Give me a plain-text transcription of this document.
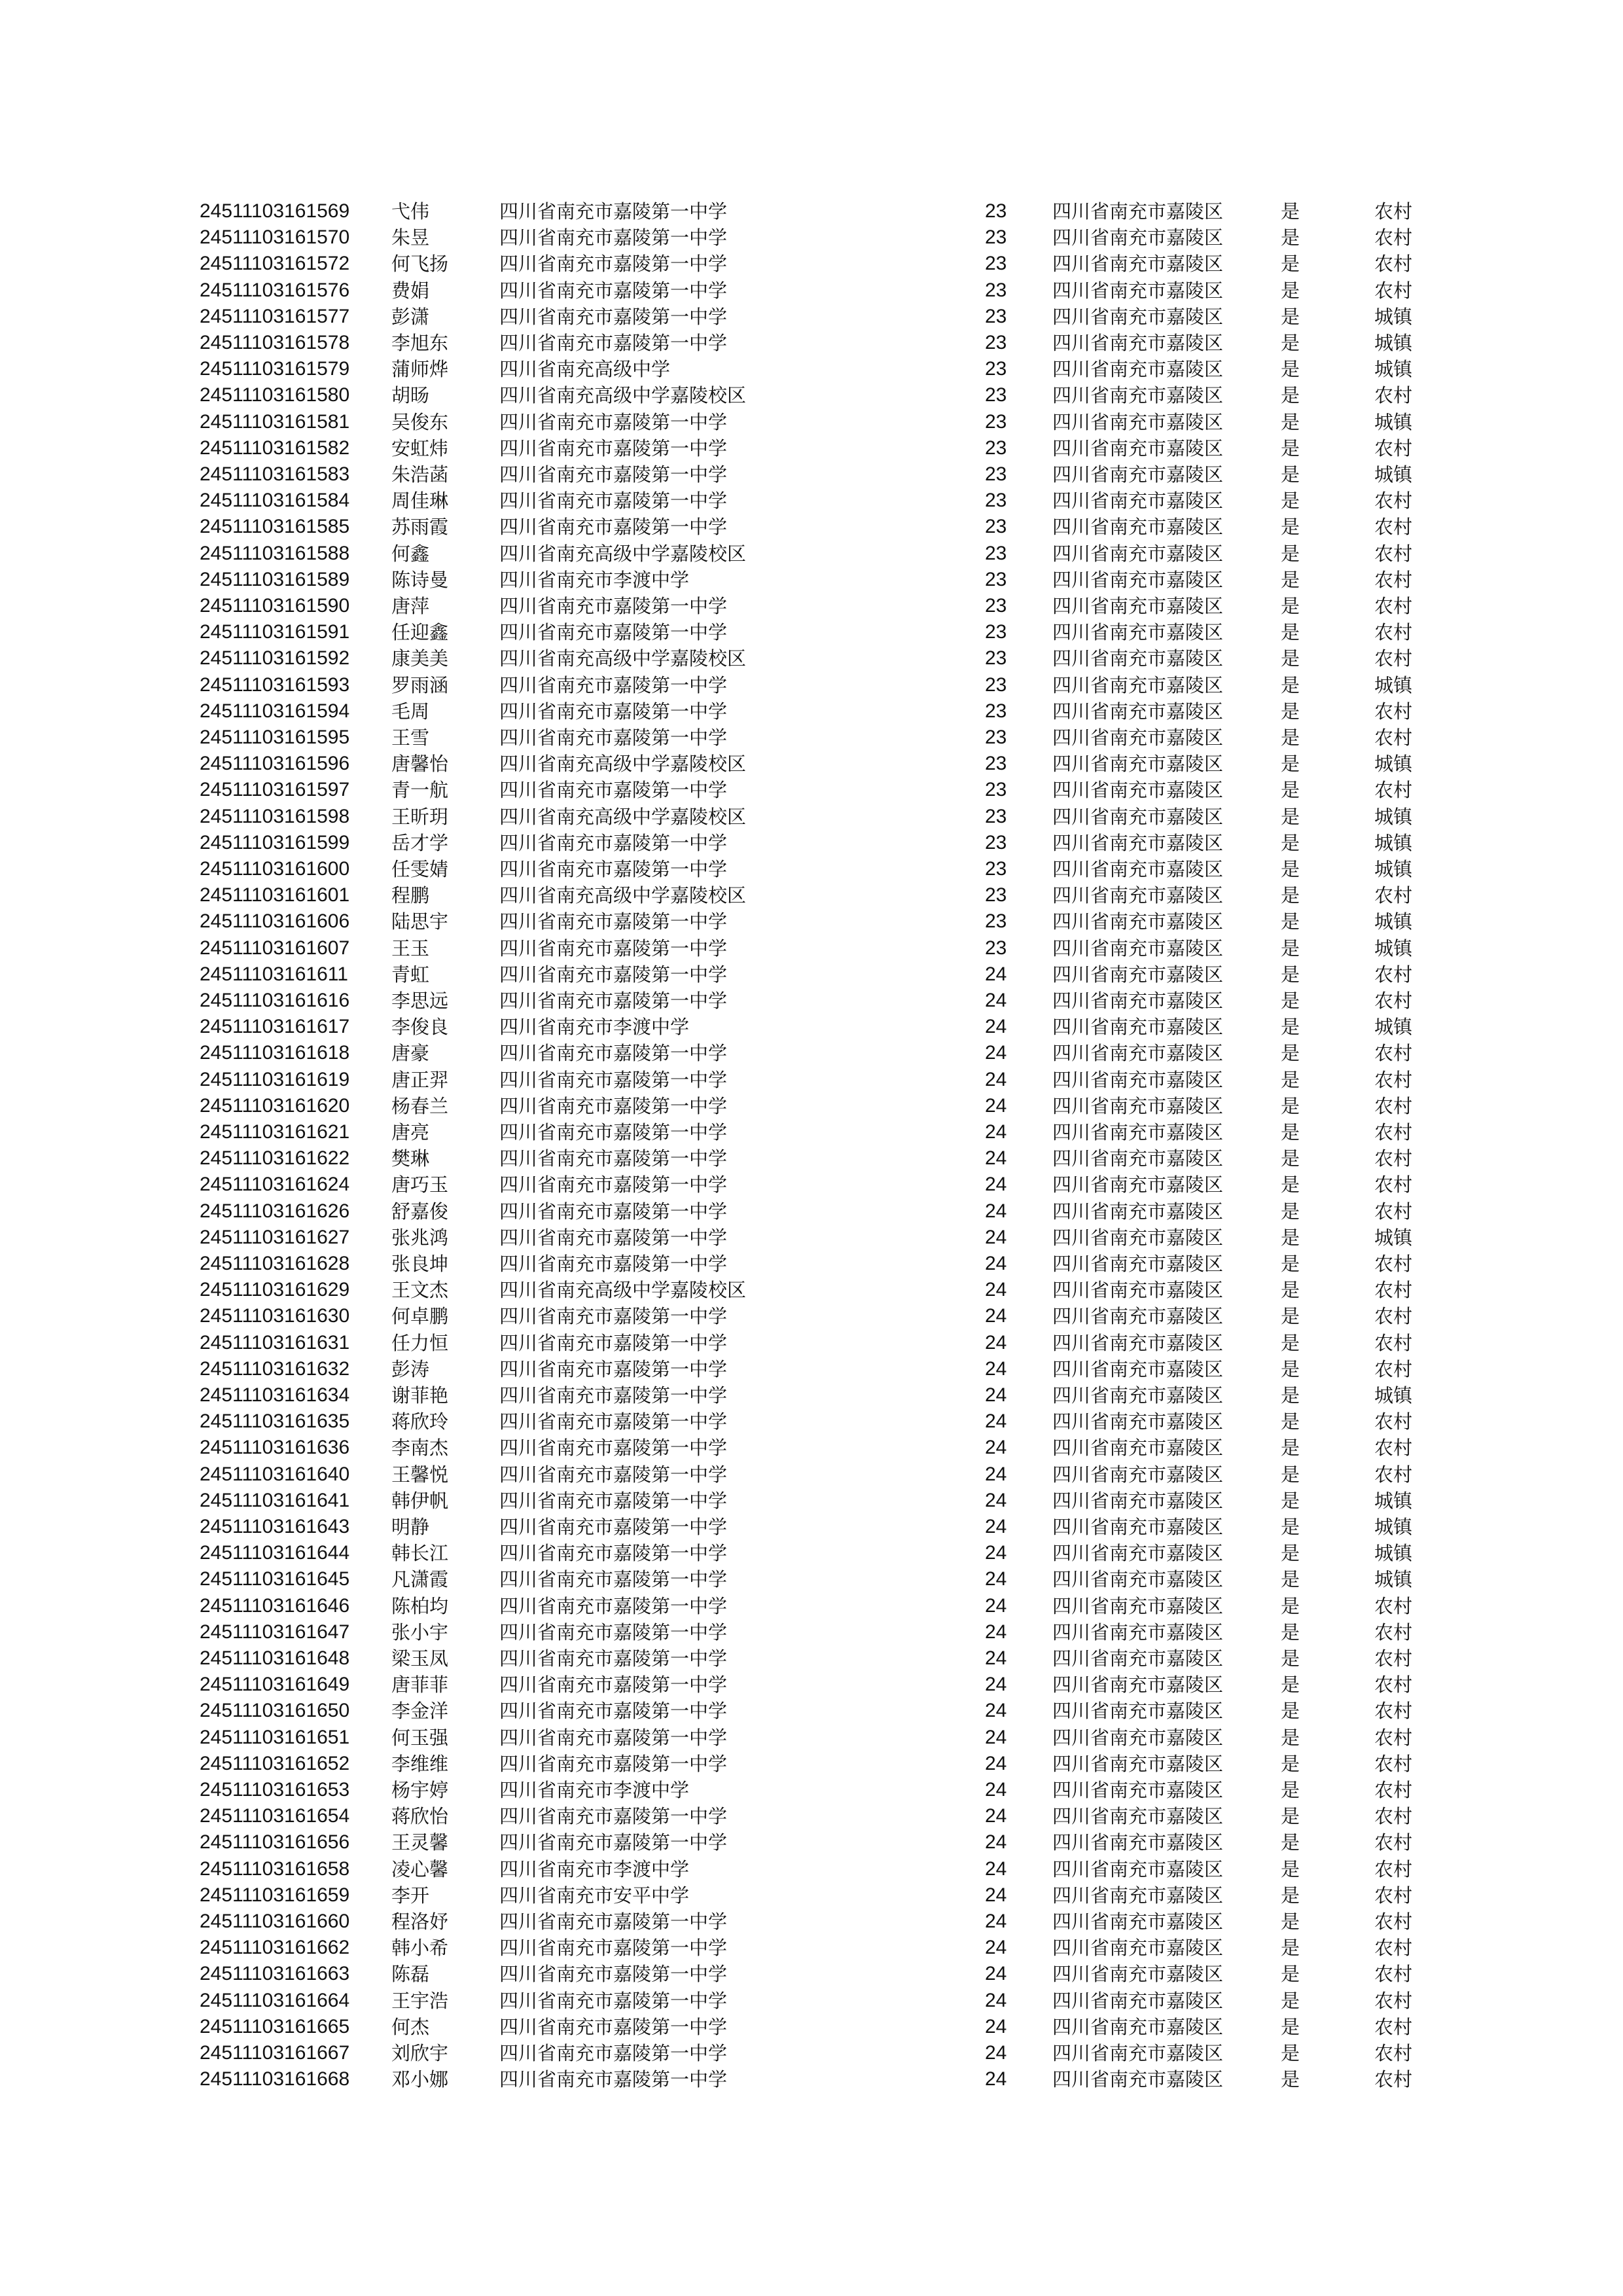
24511103161569 弋伟	四川省南充市嘉陵第一中学	23 四川省南充市嘉陵区	是	农村
24511103161570 朱昱	四川省南充市嘉陵第一中学	23 四川省南充市嘉陵区	是	农村
24511103161572 何飞扬	四川省南充市嘉陵第一中学	23 四川省南充市嘉陵区	是	农村
24511103161576 费娟	四川省南充市嘉陵第一中学	23 四川省南充市嘉陵区	是	农村
24511103161577 彭潇	四川省南充市嘉陵第一中学	23 四川省南充市嘉陵区	是	城镇
24511103161578 李旭东	四川省南充市嘉陵第一中学	23 四川省南充市嘉陵区	是	城镇
24511103161579 蒲师烨	四川省南充高级中学	23 四川省南充市嘉陵区	是	城镇
24511103161580 胡旸	四川省南充高级中学嘉陵校区	23 四川省南充市嘉陵区	是	农村
24511103161581 吴俊东	四川省南充市嘉陵第一中学	23 四川省南充市嘉陵区	是	城镇
24511103161582 安虹炜	四川省南充市嘉陵第一中学	23 四川省南充市嘉陵区	是	农村
24511103161583 朱浩菡	四川省南充市嘉陵第一中学	23 四川省南充市嘉陵区	是	城镇
24511103161584 周佳琳	四川省南充市嘉陵第一中学	23 四川省南充市嘉陵区	是	农村
24511103161585 苏雨霞	四川省南充市嘉陵第一中学	23 四川省南充市嘉陵区	是	农村
24511103161588 何鑫	四川省南充高级中学嘉陵校区	23 四川省南充市嘉陵区	是	农村
24511103161589 陈诗曼	四川省南充市李渡中学	23 四川省南充市嘉陵区	是	农村
24511103161590 唐萍	四川省南充市嘉陵第一中学	23 四川省南充市嘉陵区	是	农村
24511103161591 任迎鑫	四川省南充市嘉陵第一中学	23 四川省南充市嘉陵区	是	农村
24511103161592 康美美	四川省南充高级中学嘉陵校区	23 四川省南充市嘉陵区	是	农村
24511103161593 罗雨涵	四川省南充市嘉陵第一中学	23 四川省南充市嘉陵区	是	城镇
24511103161594 毛周	四川省南充市嘉陵第一中学	23 四川省南充市嘉陵区	是	农村
24511103161595 王雪	四川省南充市嘉陵第一中学	23 四川省南充市嘉陵区	是	农村
24511103161596 唐馨怡	四川省南充高级中学嘉陵校区	23 四川省南充市嘉陵区	是	城镇
24511103161597 青一航	四川省南充市嘉陵第一中学	23 四川省南充市嘉陵区	是	农村
24511103161598 王昕玥	四川省南充高级中学嘉陵校区	23 四川省南充市嘉陵区	是	城镇
24511103161599 岳才学	四川省南充市嘉陵第一中学	23 四川省南充市嘉陵区	是	城镇
24511103161600 任雯婧	四川省南充市嘉陵第一中学	23 四川省南充市嘉陵区	是	城镇
24511103161601 程鹏	四川省南充高级中学嘉陵校区	23 四川省南充市嘉陵区	是	农村
24511103161606 陆思宇	四川省南充市嘉陵第一中学	23 四川省南充市嘉陵区	是	城镇
24511103161607 王玉	四川省南充市嘉陵第一中学	23 四川省南充市嘉陵区	是	城镇
24511103161611 青虹	四川省南充市嘉陵第一中学	24 四川省南充市嘉陵区	是	农村
24511103161616 李思远	四川省南充市嘉陵第一中学	24 四川省南充市嘉陵区	是	农村
24511103161617 李俊良	四川省南充市李渡中学	24 四川省南充市嘉陵区	是	城镇
24511103161618 唐豪	四川省南充市嘉陵第一中学	24 四川省南充市嘉陵区	是	农村
24511103161619 唐正羿	四川省南充市嘉陵第一中学	24 四川省南充市嘉陵区	是	农村
24511103161620 杨春兰	四川省南充市嘉陵第一中学	24 四川省南充市嘉陵区	是	农村
24511103161621 唐亮	四川省南充市嘉陵第一中学	24 四川省南充市嘉陵区	是	农村
24511103161622 樊琳	四川省南充市嘉陵第一中学	24 四川省南充市嘉陵区	是	农村
24511103161624 唐巧玉	四川省南充市嘉陵第一中学	24 四川省南充市嘉陵区	是	农村
24511103161626 舒嘉俊	四川省南充市嘉陵第一中学	24 四川省南充市嘉陵区	是	农村
24511103161627 张兆鸿	四川省南充市嘉陵第一中学	24 四川省南充市嘉陵区	是	城镇
24511103161628 张良坤	四川省南充市嘉陵第一中学	24 四川省南充市嘉陵区	是	农村
24511103161629 王文杰	四川省南充高级中学嘉陵校区	24 四川省南充市嘉陵区	是	农村
24511103161630 何卓鹏	四川省南充市嘉陵第一中学	24 四川省南充市嘉陵区	是	农村
24511103161631 任力恒	四川省南充市嘉陵第一中学	24 四川省南充市嘉陵区	是	农村
24511103161632 彭涛	四川省南充市嘉陵第一中学	24 四川省南充市嘉陵区	是	农村
24511103161634 谢菲艳	四川省南充市嘉陵第一中学	24 四川省南充市嘉陵区	是	城镇
24511103161635 蒋欣玲	四川省南充市嘉陵第一中学	24 四川省南充市嘉陵区	是	农村
24511103161636 李南杰	四川省南充市嘉陵第一中学	24 四川省南充市嘉陵区	是	农村
24511103161640 王馨悦	四川省南充市嘉陵第一中学	24 四川省南充市嘉陵区	是	农村
24511103161641 韩伊帆	四川省南充市嘉陵第一中学	24 四川省南充市嘉陵区	是	城镇
24511103161643 明静	四川省南充市嘉陵第一中学	24 四川省南充市嘉陵区	是	城镇
24511103161644 韩长江	四川省南充市嘉陵第一中学	24 四川省南充市嘉陵区	是	城镇
24511103161645 凡潇霞	四川省南充市嘉陵第一中学	24 四川省南充市嘉陵区	是	城镇
24511103161646 陈柏均	四川省南充市嘉陵第一中学	24 四川省南充市嘉陵区	是	农村
24511103161647 张小宇	四川省南充市嘉陵第一中学	24 四川省南充市嘉陵区	是	农村
24511103161648 梁玉凤	四川省南充市嘉陵第一中学	24 四川省南充市嘉陵区	是	农村
24511103161649 唐菲菲	四川省南充市嘉陵第一中学	24 四川省南充市嘉陵区	是	农村
24511103161650 李金洋	四川省南充市嘉陵第一中学	24 四川省南充市嘉陵区	是	农村
24511103161651 何玉强	四川省南充市嘉陵第一中学	24 四川省南充市嘉陵区	是	农村
24511103161652 李维维	四川省南充市嘉陵第一中学	24 四川省南充市嘉陵区	是	农村
24511103161653 杨宇婷	四川省南充市李渡中学	24 四川省南充市嘉陵区	是	农村
24511103161654 蒋欣怡	四川省南充市嘉陵第一中学	24 四川省南充市嘉陵区	是	农村
24511103161656 王灵馨	四川省南充市嘉陵第一中学	24 四川省南充市嘉陵区	是	农村
24511103161658 凌心馨	四川省南充市李渡中学	24 四川省南充市嘉陵区	是	农村
24511103161659 李开	四川省南充市安平中学	24 四川省南充市嘉陵区	是	农村
24511103161660 程洛妤	四川省南充市嘉陵第一中学	24 四川省南充市嘉陵区	是	农村
24511103161662 韩小希	四川省南充市嘉陵第一中学	24 四川省南充市嘉陵区	是	农村
24511103161663 陈磊	四川省南充市嘉陵第一中学	24 四川省南充市嘉陵区	是	农村
24511103161664 王宇浩	四川省南充市嘉陵第一中学	24 四川省南充市嘉陵区	是	农村
24511103161665 何杰	四川省南充市嘉陵第一中学	24 四川省南充市嘉陵区	是	农村
24511103161667 刘欣宇	四川省南充市嘉陵第一中学	24 四川省南充市嘉陵区	是	农村
24511103161668 邓小娜	四川省南充市嘉陵第一中学	24 四川省南充市嘉陵区	是	农村
